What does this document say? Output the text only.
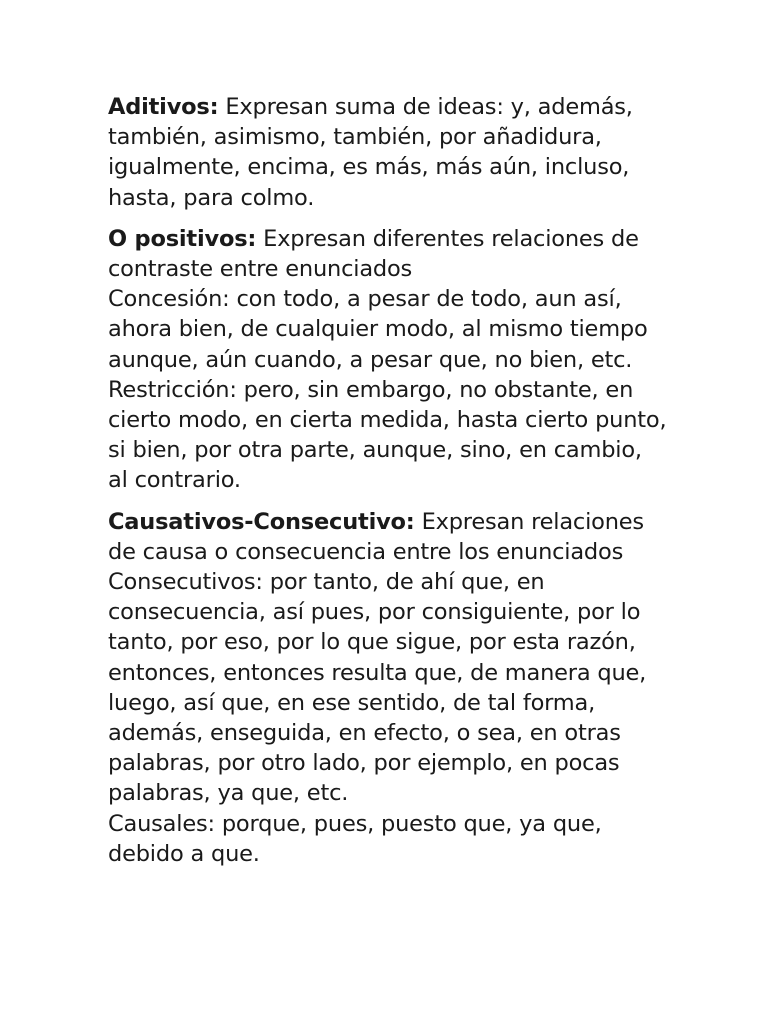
Aditivos: Expresan suma de ideas: y, además, también, asimismo, también, por añadidura, igualmente, encima, es más, más aún, incluso, hasta, para colmo.

O positivos: Expresan diferentes relaciones de contraste entre enunciados

Concesión: con todo, a pesar de todo, aun así, ahora bien, de cualquier modo, al mismo tiempo aunque, aún cuando, a pesar que, no bien, etc.

Restricción: pero, sin embargo, no obstante, en cierto modo, en cierta medida, hasta cierto punto, si bien, por otra parte, aunque, sino, en cambio, al contrario.

Causativos-Consecutivo: Expresan relaciones de causa o consecuencia entre los enunciados

Consecutivos: por tanto, de ahí que, en consecuencia, así pues, por consiguiente, por lo tanto, por eso, por lo que sigue, por esta razón, entonces, entonces resulta que, de manera que, luego, así que, en ese sentido, de tal forma, además, enseguida, en efecto, o sea, en otras palabras, por otro lado, por ejemplo, en pocas palabras, ya que, etc.

Causales: porque, pues, puesto que, ya que, debido a que.
